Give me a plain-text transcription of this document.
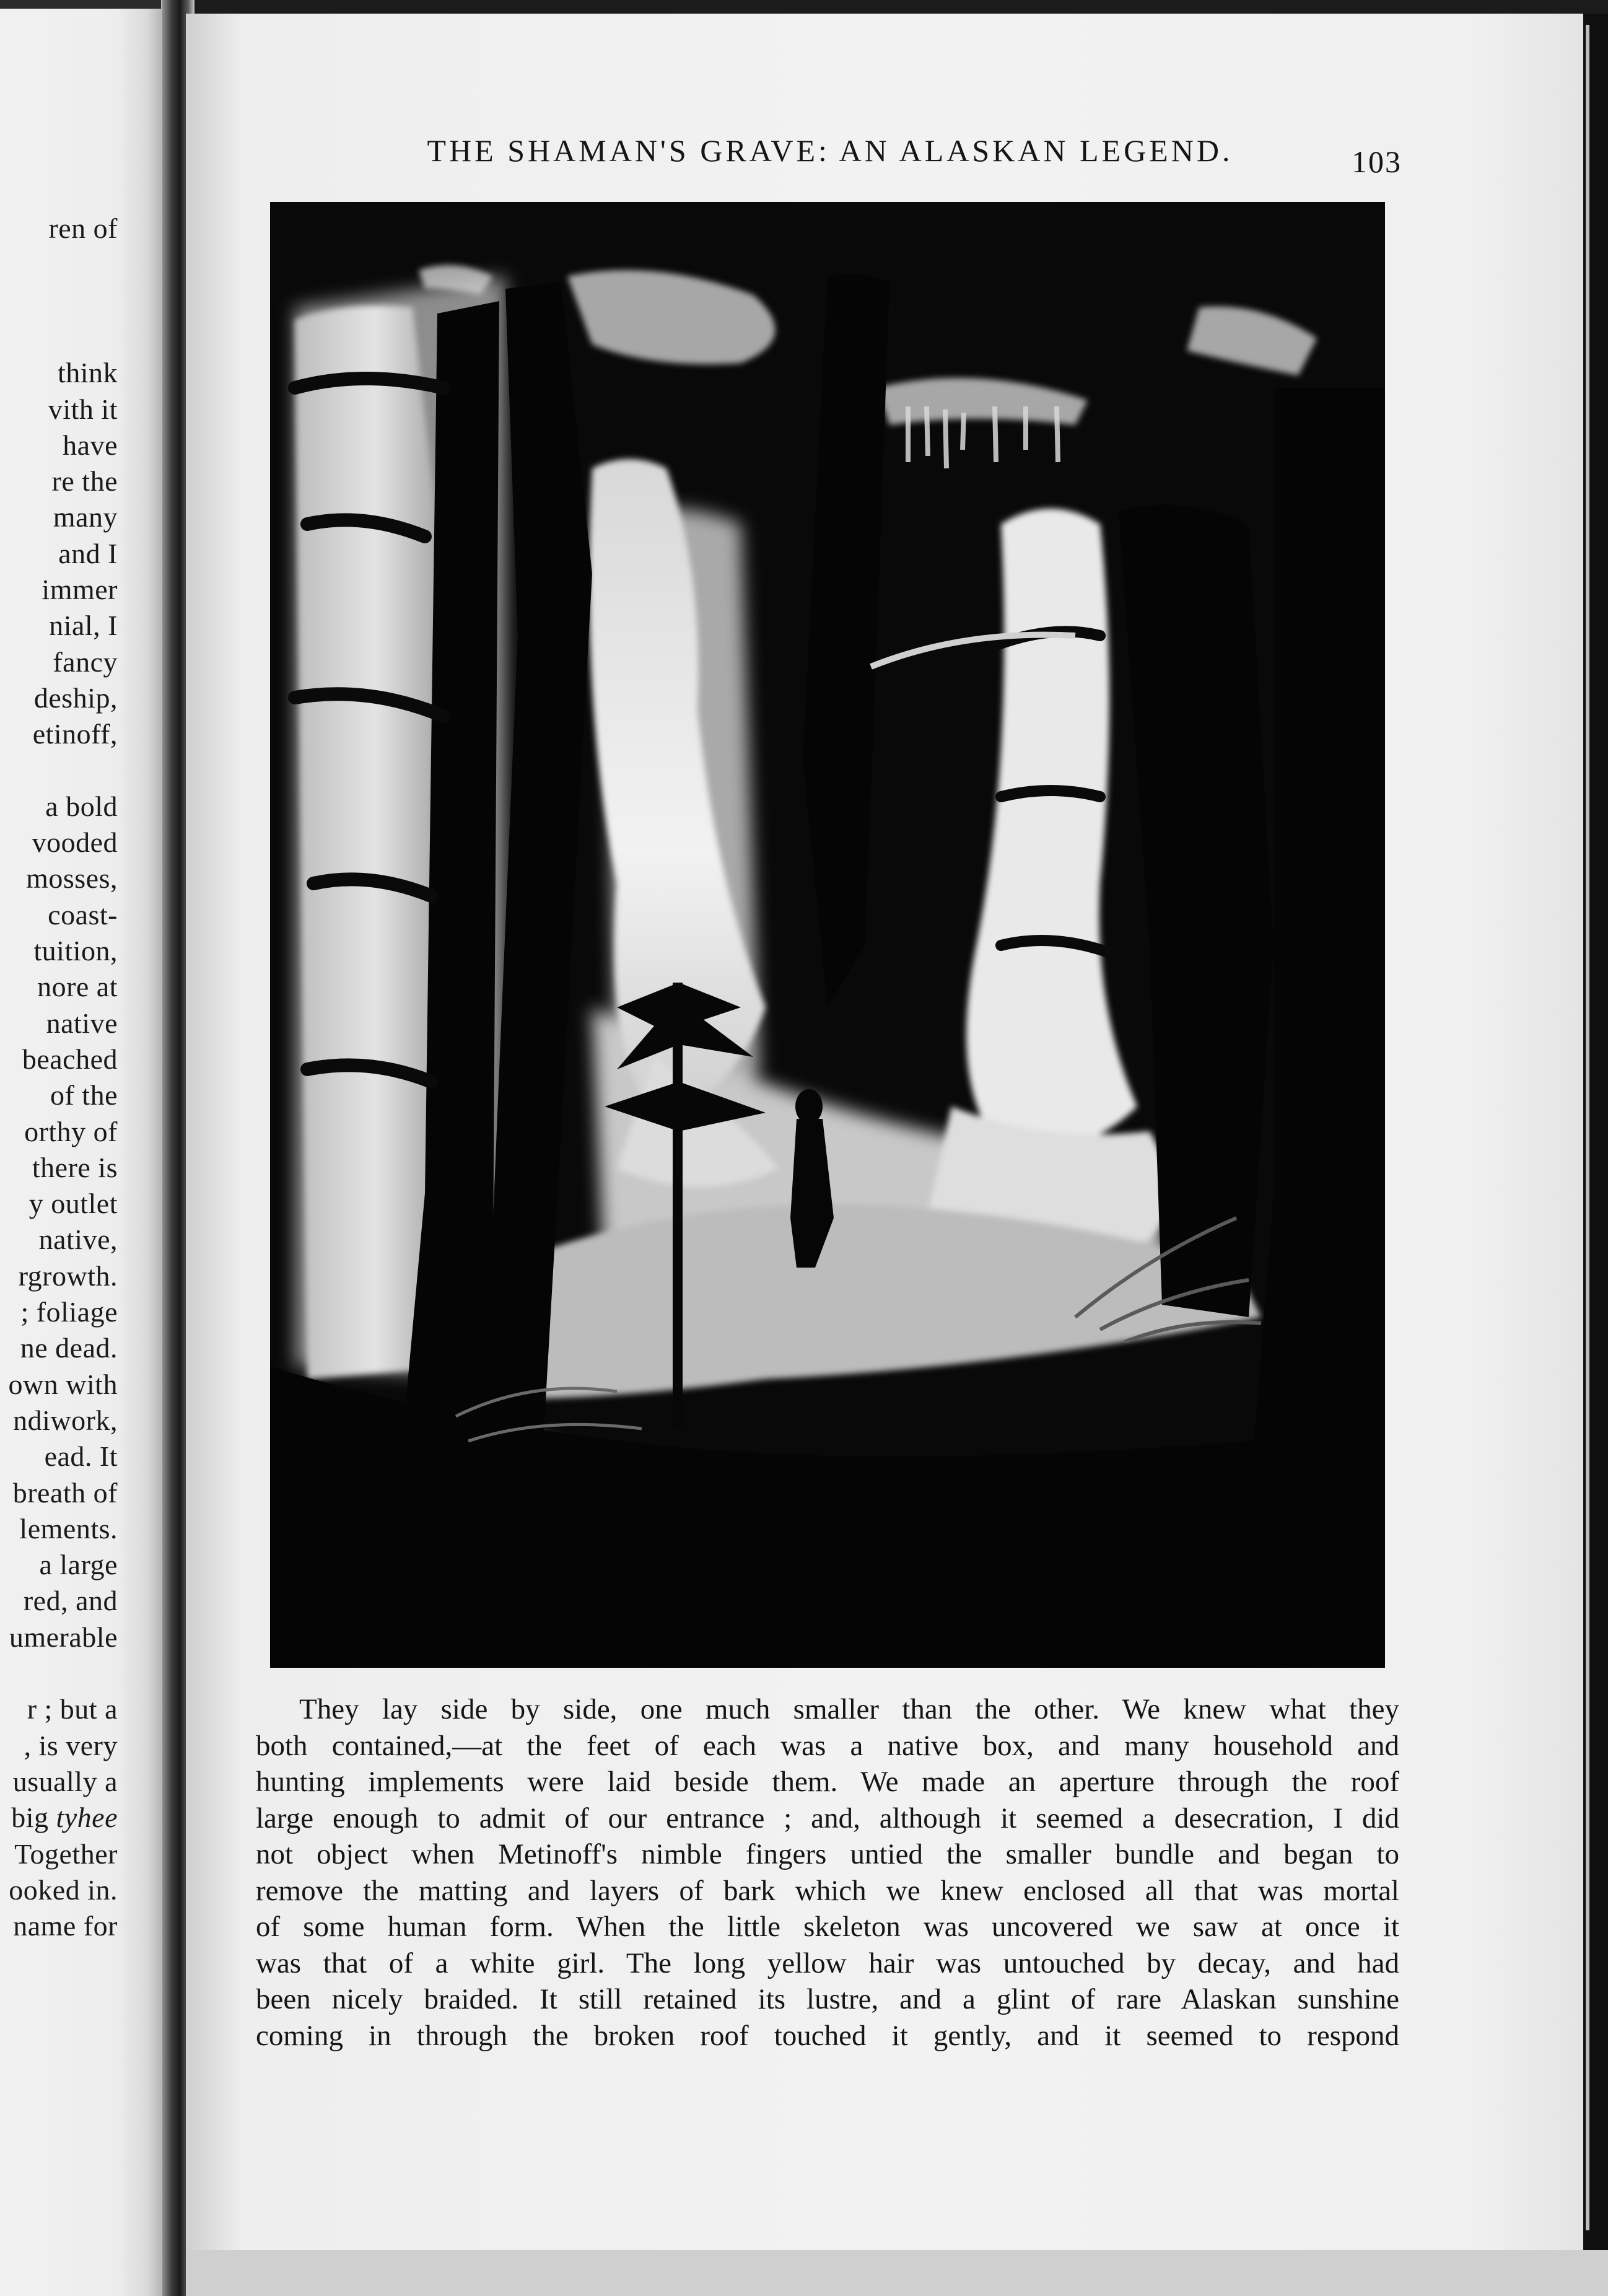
ren of
think
vith it
have
re the
many
and I
immer
nial, I
fancy
deship,
etinoff,
a bold
vooded
mosses,
coast-
tuition,
nore at
native
beached
of the
orthy of
there is
y outlet
native,
rgrowth.
; foliage
ne dead.
own with
ndiwork,
ead. It
breath of
lements.
a large
red, and
umerable
r ; but a
, is very
usually a
big tyhee
Together
ooked in.
name for
THE SHAMAN'S GRAVE: AN ALASKAN LEGEND.	103
They lay side by side, one much smaller than the other. We knew what they
both contained,—at the feet of each was a native box, and many household and
hunting implements were laid beside them. We made an aperture through the roof
large enough to admit of our entrance ; and, although it seemed a desecration, I did
not object when Metinoff's nimble fingers untied the smaller bundle and began to
remove the matting and layers of bark which we knew enclosed all that was mortal
of some human form. When the little skeleton was uncovered we saw at once it
was that of a white girl. The long yellow hair was untouched by decay, and had
been nicely braided. It still retained its lustre, and a glint of rare Alaskan sunshine
coming in through the broken roof touched it gently, and it seemed to respond
